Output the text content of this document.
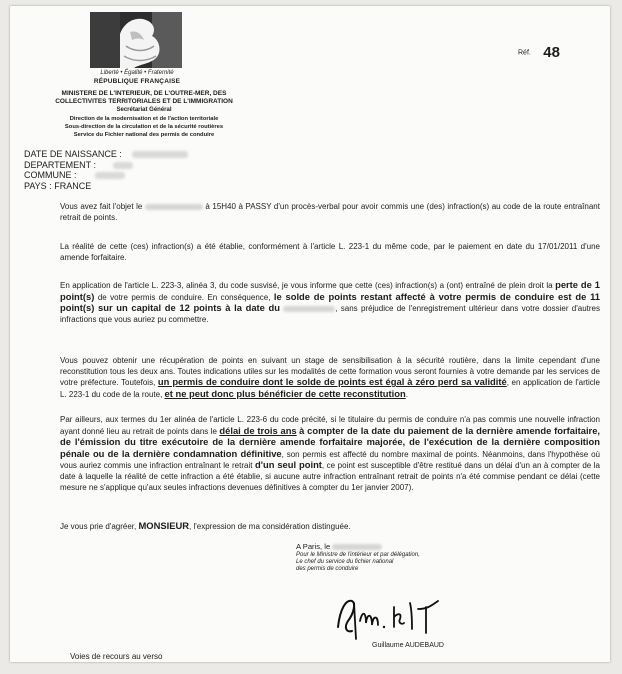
Liberté • Égalité • Fraternité
RÉPUBLIQUE FRANÇAISE
Réf. 48
MINISTERE DE L'INTERIEUR, DE L'OUTRE-MER, DES
COLLECTIVITES TERRITORIALES ET DE L'IMMIGRATION
Secrétariat Général
Direction de la modernisation et de l'action territoriale
Sous-direction de la circulation et de la sécurité routières
Service du Fichier national des permis de conduire
DATE DE NAISSANCE :
DEPARTEMENT :
COMMUNE :
PAYS : FRANCE

Vous avez fait l'objet le	à 15H40 à PASSY d'un procès-verbal pour avoir commis une (des) infraction(s) au code de la route entraînant retrait de points.

La réalité de cette (ces) infraction(s) a été établie, conformément à l'article L. 223-1 du même code, par le paiement en date du 17/01/2011 d'une amende forfaitaire.

En application de l'article L. 223-3, alinéa 3, du code susvisé, je vous informe que cette (ces) infraction(s) a (ont) entraîné de plein droit la perte de 1 point(s) de votre permis de conduire. En conséquence, le solde de points restant affecté à votre permis de conduire est de 11 point(s) sur un capital de 12 points à la date du	, sans préjudice de l'enregistrement ultérieur dans votre dossier d'autres infractions que vous auriez pu commettre.

Vous pouvez obtenir une récupération de points en suivant un stage de sensibilisation à la sécurité routière, dans la limite cependant d'une reconstitution tous les deux ans. Toutes indications utiles sur les modalités de cette formation vous seront fournies à votre demande par les services de votre préfecture. Toutefois, un permis de conduire dont le solde de points est égal à zéro perd sa validité, en application de l'article L. 223-1 du code de la route, et ne peut donc plus bénéficier de cette reconstitution.

Par ailleurs, aux termes du 1er alinéa de l'article L. 223-6 du code précité, si le titulaire du permis de conduire n'a pas commis une nouvelle infraction ayant donné lieu au retrait de points dans le délai de trois ans à compter de la date du paiement de la dernière amende forfaitaire, de l'émission du titre exécutoire de la dernière amende forfaitaire majorée, de l'exécution de la dernière composition pénale ou de la dernière condamnation définitive, son permis est affecté du nombre maximal de points. Néanmoins, dans l'hypothèse où vous auriez commis une infraction entraînant le retrait d'un seul point, ce point est susceptible d'être restitué dans un délai d'un an à compter de la date à laquelle la réalité de cette infraction a été établie, si aucune autre infraction entraînant retrait de points n'a été commise pendant ce délai (cette mesure ne s'applique qu'aux seules infractions devenues définitives à compter du 1er janvier 2007).

Je vous prie d'agréer, MONSIEUR, l'expression de ma considération distinguée.

A Paris, le
Pour le Ministre de l'intérieur et par délégation,
Le chef du service du fichier national
des permis de conduire
Guillaume AUDEBAUD
Voies de recours au verso
